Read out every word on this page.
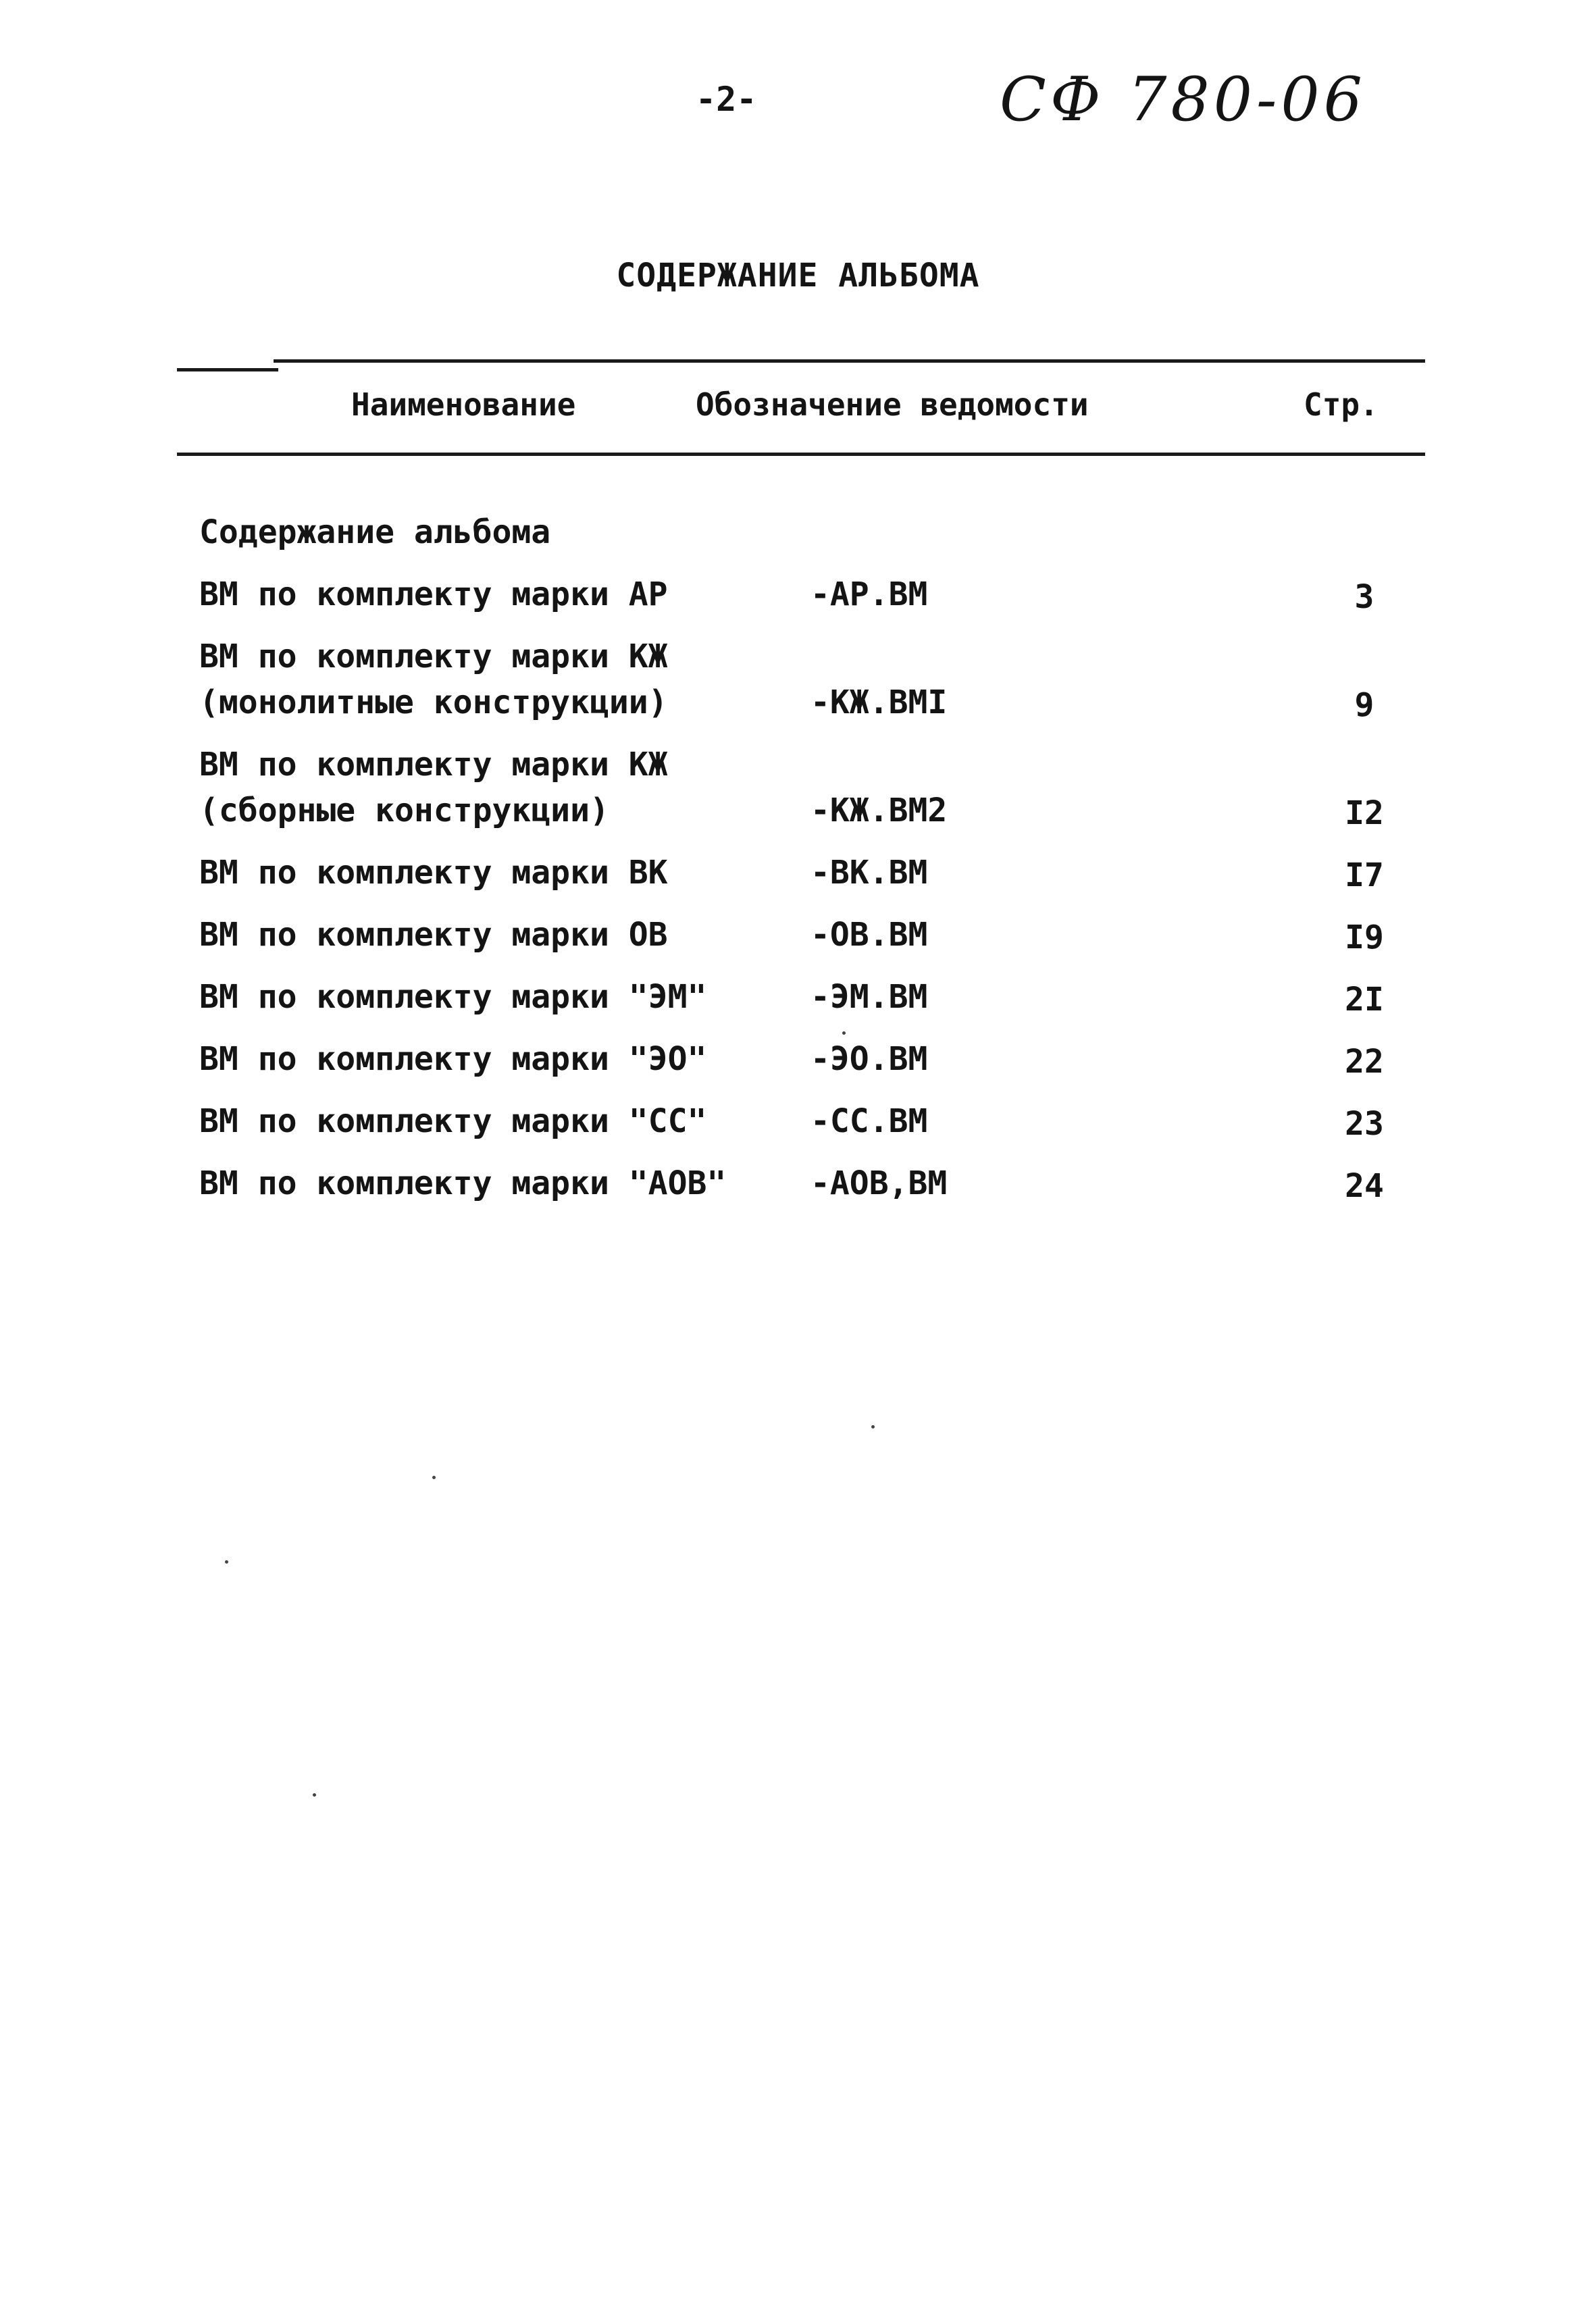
-2-	СФ 780-06
СОДЕРЖАНИЕ АЛЬБОМА
Наименование	Обозначение ведомости	Стр.
Содержание альбома
ВМ по комплекту марки АР	-АР.ВМ	3
ВМ по комплекту марки КЖ
(монолитные конструкции)	-КЖ.ВМI	9
ВМ по комплекту марки КЖ
(сборные конструкции)	-КЖ.ВМ2	I2
ВМ по комплекту марки ВК	-ВК.ВМ	I7
ВМ по комплекту марки ОВ	-ОВ.ВМ	I9
ВМ по комплекту марки "ЭМ"	-ЭМ.ВМ	2I
ВМ по комплекту марки "ЭО"	-ЭО.ВМ	22
ВМ по комплекту марки "СС"	-СС.ВМ	23
ВМ по комплекту марки "АОВ"	-АОВ,ВМ	24
